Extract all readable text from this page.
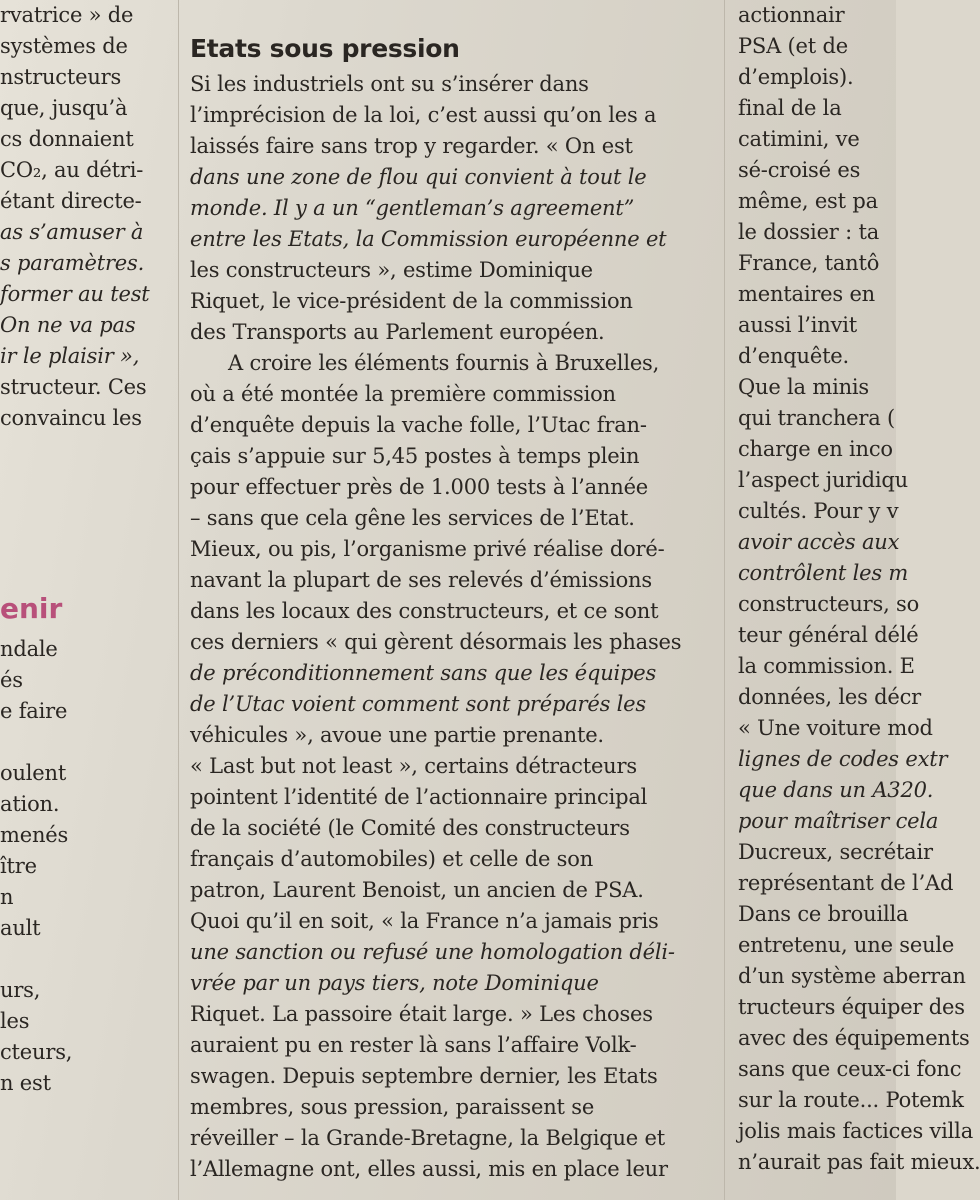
rvatrice » de
systèmes de
nstructeurs
que, jusqu’à
cs donnaient
CO₂, au détri-
étant directe-
as s’amuser à
s paramètres.
former au test
On ne va pas
ir le plaisir »,
structeur. Ces
convaincu les
ndale
és
e faire
oulent
ation.
menés
ître
n
ault
urs,
les
cteurs,
n est
enir
Etats sous pression
Si les industriels ont su s’insérer dans
l’imprécision de la loi, c’est aussi qu’on les a
laissés faire sans trop y regarder. « On est
dans une zone de flou qui convient à tout le
monde. Il y a un “gentleman’s agreement”
entre les Etats, la Commission européenne et
les constructeurs », estime Dominique
Riquet, le vice-président de la commission
des Transports au Parlement européen.
A croire les éléments fournis à Bruxelles,
où a été montée la première commission
d’enquête depuis la vache folle, l’Utac fran-
çais s’appuie sur 5,45 postes à temps plein
pour effectuer près de 1.000 tests à l’année
– sans que cela gêne les services de l’Etat.
Mieux, ou pis, l’organisme privé réalise doré-
navant la plupart de ses relevés d’émissions
dans les locaux des constructeurs, et ce sont
ces derniers « qui gèrent désormais les phases
de préconditionnement sans que les équipes
de l’Utac voient comment sont préparés les
véhicules », avoue une partie prenante.
« Last but not least », certains détracteurs
pointent l’identité de l’actionnaire principal
de la société (le Comité des constructeurs
français d’automobiles) et celle de son
patron, Laurent Benoist, un ancien de PSA.
Quoi qu’il en soit, « la France n’a jamais pris
une sanction ou refusé une homologation déli-
vrée par un pays tiers, note Dominique
Riquet. La passoire était large. » Les choses
auraient pu en rester là sans l’affaire Volk-
swagen. Depuis septembre dernier, les Etats
membres, sous pression, paraissent se
réveiller – la Grande-Bretagne, la Belgique et
l’Allemagne ont, elles aussi, mis en place leur
actionnair
PSA (et de
d’emplois).
final de la
catimini, ve
sé-croisé es
même, est pa
le dossier : ta
France, tantô
mentaires en
aussi l’invit
d’enquête.
Que la minis
qui tranchera (
charge en inco
l’aspect juridiqu
cultés. Pour y v
avoir accès aux
contrôlent les m
constructeurs, so
teur général délé
la commission. E
données, les décr
« Une voiture mod
lignes de codes extr
que dans un A320.
pour maîtriser cela
Ducreux, secrétair
représentant de l’Ad
Dans ce brouilla
entretenu, une seule
d’un système aberran
tructeurs équiper des
avec des équipements
sans que ceux-ci fonc
sur la route... Potemk
jolis mais factices villa
n’aurait pas fait mieux.
